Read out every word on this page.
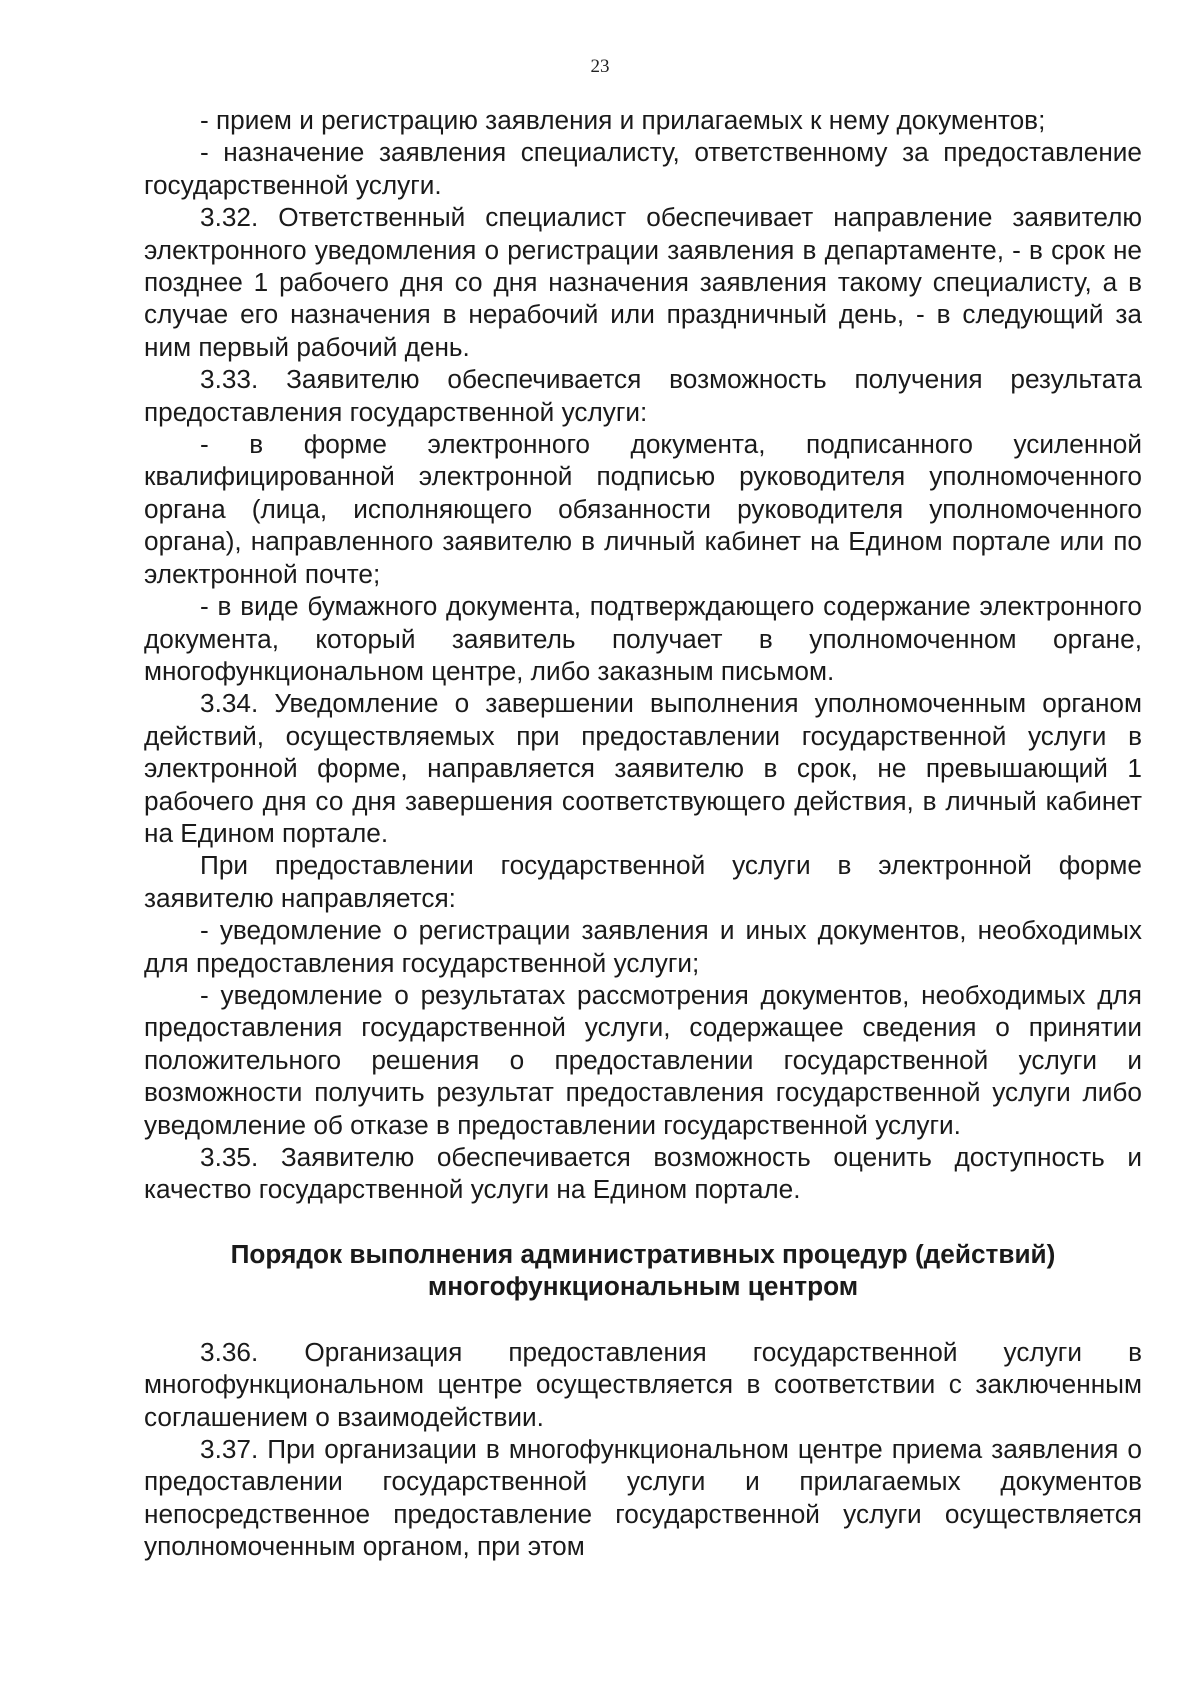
23

- прием и регистрацию заявления и прилагаемых к нему документов;

- назначение заявления специалисту, ответственному за предоставление государственной услуги.

3.32. Ответственный специалист обеспечивает направление заявителю электронного уведомления о регистрации заявления в департаменте, - в срок не позднее 1 рабочего дня со дня назначения заявления такому специалисту, а в случае его назначения в нерабочий или праздничный день, - в следующий за ним первый рабочий день.

3.33. Заявителю обеспечивается возможность получения результата предоставления государственной услуги:

- в форме электронного документа, подписанного усиленной квалифицированной электронной подписью руководителя уполномоченного органа (лица, исполняющего обязанности руководителя уполномоченного органа), направленного заявителю в личный кабинет на Едином портале или по электронной почте;

- в виде бумажного документа, подтверждающего содержание электронного документа, который заявитель получает в уполномоченном органе, многофункциональном центре, либо заказным письмом.

3.34. Уведомление о завершении выполнения уполномоченным органом действий, осуществляемых при предоставлении государственной услуги в электронной форме, направляется заявителю в срок, не превышающий 1 рабочего дня со дня завершения соответствующего действия, в личный кабинет на Едином портале.

При предоставлении государственной услуги в электронной форме заявителю направляется:

- уведомление о регистрации заявления и иных документов, необходимых для предоставления государственной услуги;

- уведомление о результатах рассмотрения документов, необходимых для предоставления государственной услуги, содержащее сведения о принятии положительного решения о предоставлении государственной услуги и возможности получить результат предоставления государственной услуги либо уведомление об отказе в предоставлении государственной услуги.

3.35. Заявителю обеспечивается возможность оценить доступность и качество государственной услуги на Едином портале.

Порядок выполнения административных процедур (действий)
многофункциональным центром

3.36. Организация предоставления государственной услуги в многофункциональном центре осуществляется в соответствии с заключенным соглашением о взаимодействии.

3.37. При организации в многофункциональном центре приема заявления о предоставлении государственной услуги и прилагаемых документов непосредственное предоставление государственной услуги осуществляется уполномоченным органом, при этом
